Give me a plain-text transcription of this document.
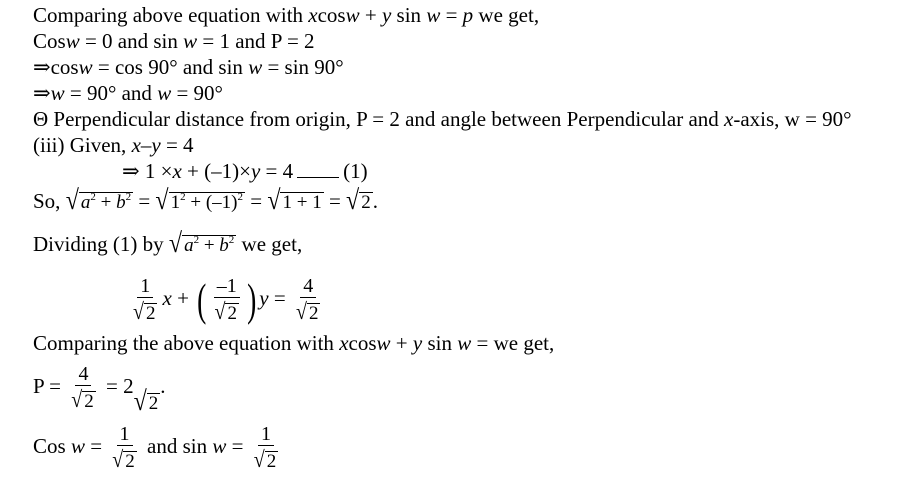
Comparing above equation with xcosw + y sin w = p we get,
Cosw = 0 and sin w = 1 and P = 2
⇒cosw = cos 90° and sin w = sin 90°
⇒w = 90° and w = 90°
Θ Perpendicular distance from origin, P = 2 and angle between Perpendicular and x-axis, w = 90°
(iii) Given, x–y = 4
⇒ 1 ×x + (–1)×y = 4 (1)
So, √ $a^2 + b^2$ = √ $1^2 + (-1)^2$ = √ 1 + 1 = √ 2 .
Dividing (1) by √ $a^2 + b^2$ we get,
$\frac{1}{√ 2}$ x + ( $\frac{-1}{√ 2}$ ) $y = \frac{4}{√ 2}$
Comparing the above equation with xcosw + y sin w = we get,
$P = \frac{4}{√ 2} = 2$
√ 2
.
Cos $w = \frac{1}{√ 2}$ and $\sin w = \frac{1}{√ 2}$
